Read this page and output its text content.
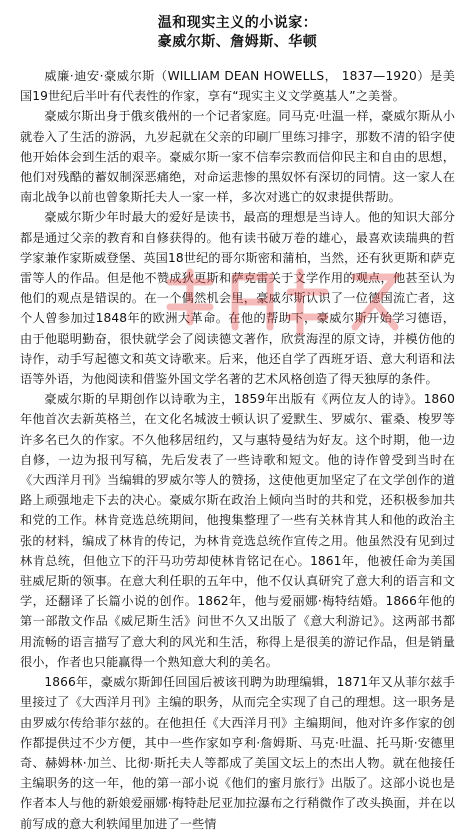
温和现实主义的小说家：
豪威尔斯、詹姆斯、华顿

威廉·迪安·豪威尔斯（WILLIAM DEAN HOWELLS， 1837—1920）是美国19世纪后半叶有代表性的作家，享有“现实主义文学奠基人”之美誉。

豪威尔斯出身于俄亥俄州的一个记者家庭。同马克·吐温一样，豪威尔斯从小就卷入了生活的游涡，九岁起就在父亲的印刷厂里练习排字，那数不清的铅字使他开始体会到生活的艰辛。豪威尔斯一家不信奉宗教而信仰民主和自由的思想，他们对残酷的蓄奴制深恶痛绝，对命运悲惨的黑奴怀有深切的同情。这一家人在南北战争以前也曾象斯托夫人一家一样，多次对逃亡的奴隶提供帮助。

豪威尔斯少年时最大的爱好是读书，最高的理想是当诗人。他的知识大部分都是通过父亲的教育和自修获得的。他有读书破万卷的雄心，最喜欢读瑞典的哲学家兼作家斯威登堡、英国18世纪的哥尔斯密和蒲柏，当然，还有狄更斯和萨克雷等人的作品。但是他不赞成狄更斯和萨克雷关于文学作用的观点，他甚至认为他们的观点是错误的。在一个偶然机会里，豪威尔斯认识了一位德国流亡者，这个人曾参加过1848年的欧洲大革命。在他的帮助下，豪威尔斯开始学习德语，由于他聪明勤奋，很快就学会了阅读德文著作，欣赏海涅的原文诗，并模仿他的诗作，动手写起德文和英文诗歌来。后来，他还自学了西班牙语、意大利语和法语等外语，为他阅读和借鉴外国文学名著的艺术风格创造了得天独厚的条件。

豪威尔斯的早期创作以诗歌为主，1859年出版有《两位友人的诗》。1860年他首次去新英格兰，在文化名城波士顿认识了爱默生、罗威尔、霍桑、梭罗等许多名已久的作家。不久他移居纽约，又与惠特曼结为好友。这个时期，他一边自修，一边为报刊写稿，先后发表了一些诗歌和短文。他的诗作曾受到当时在《大西洋月刊》当编辑的罗威尔等人的赞扬，这使他更加坚定了在文学创作的道路上顽强地走下去的决心。豪威尔斯在政治上倾向当时的共和党，还积极参加共和党的工作。林肯竞选总统期间，他搜集整理了一些有关林肯其人和他的政治主张的材料，编成了林肯的传记，为林肯竞选总统作宣传之用。他虽然没有见到过林肯总统，但他立下的汗马功劳却使林肯铭记在心。1861年，他被任命为美国驻威尼斯的领事。在意大利任职的五年中，他不仅认真研究了意大利的语言和文学，还翻译了长篇小说的创作。1862年，他与爱丽娜·梅特结婚。1866年他的第一部散文作品《威尼斯生活》问世不久又出版了《意大利游记》。这两部书都用流畅的语言描写了意大利的风光和生活，称得上是很美的游记作品，但是销量很小，作者也只能赢得一个熟知意大利的美名。

1866年，豪威尔斯卸任回国后被该刊聘为助理编辑，1871年又从菲尔兹手里接过了《大西洋月刊》主编的职务，从而完全实现了自己的理想。这一职务是由罗威尔传给菲尔兹的。在他担任《大西洋月刊》主编期间，他对许多作家的创作都提供过不少方便，其中一些作家如亨利·詹姆斯、马克·吐温、托马斯·安德里奇、赫姆林·加兰、比彻·斯托夫人等都成了美国文坛上的杰出人物。就在他接任主编职务的这一年，他的第一部小说《他们的蜜月旅行》出版了。这部小说也是作者本人与他的新娘爱丽娜·梅特赴尼亚加拉瀑布之行稍微作了改头换面，并在以前写成的意大利轶闻里加进了一些情
